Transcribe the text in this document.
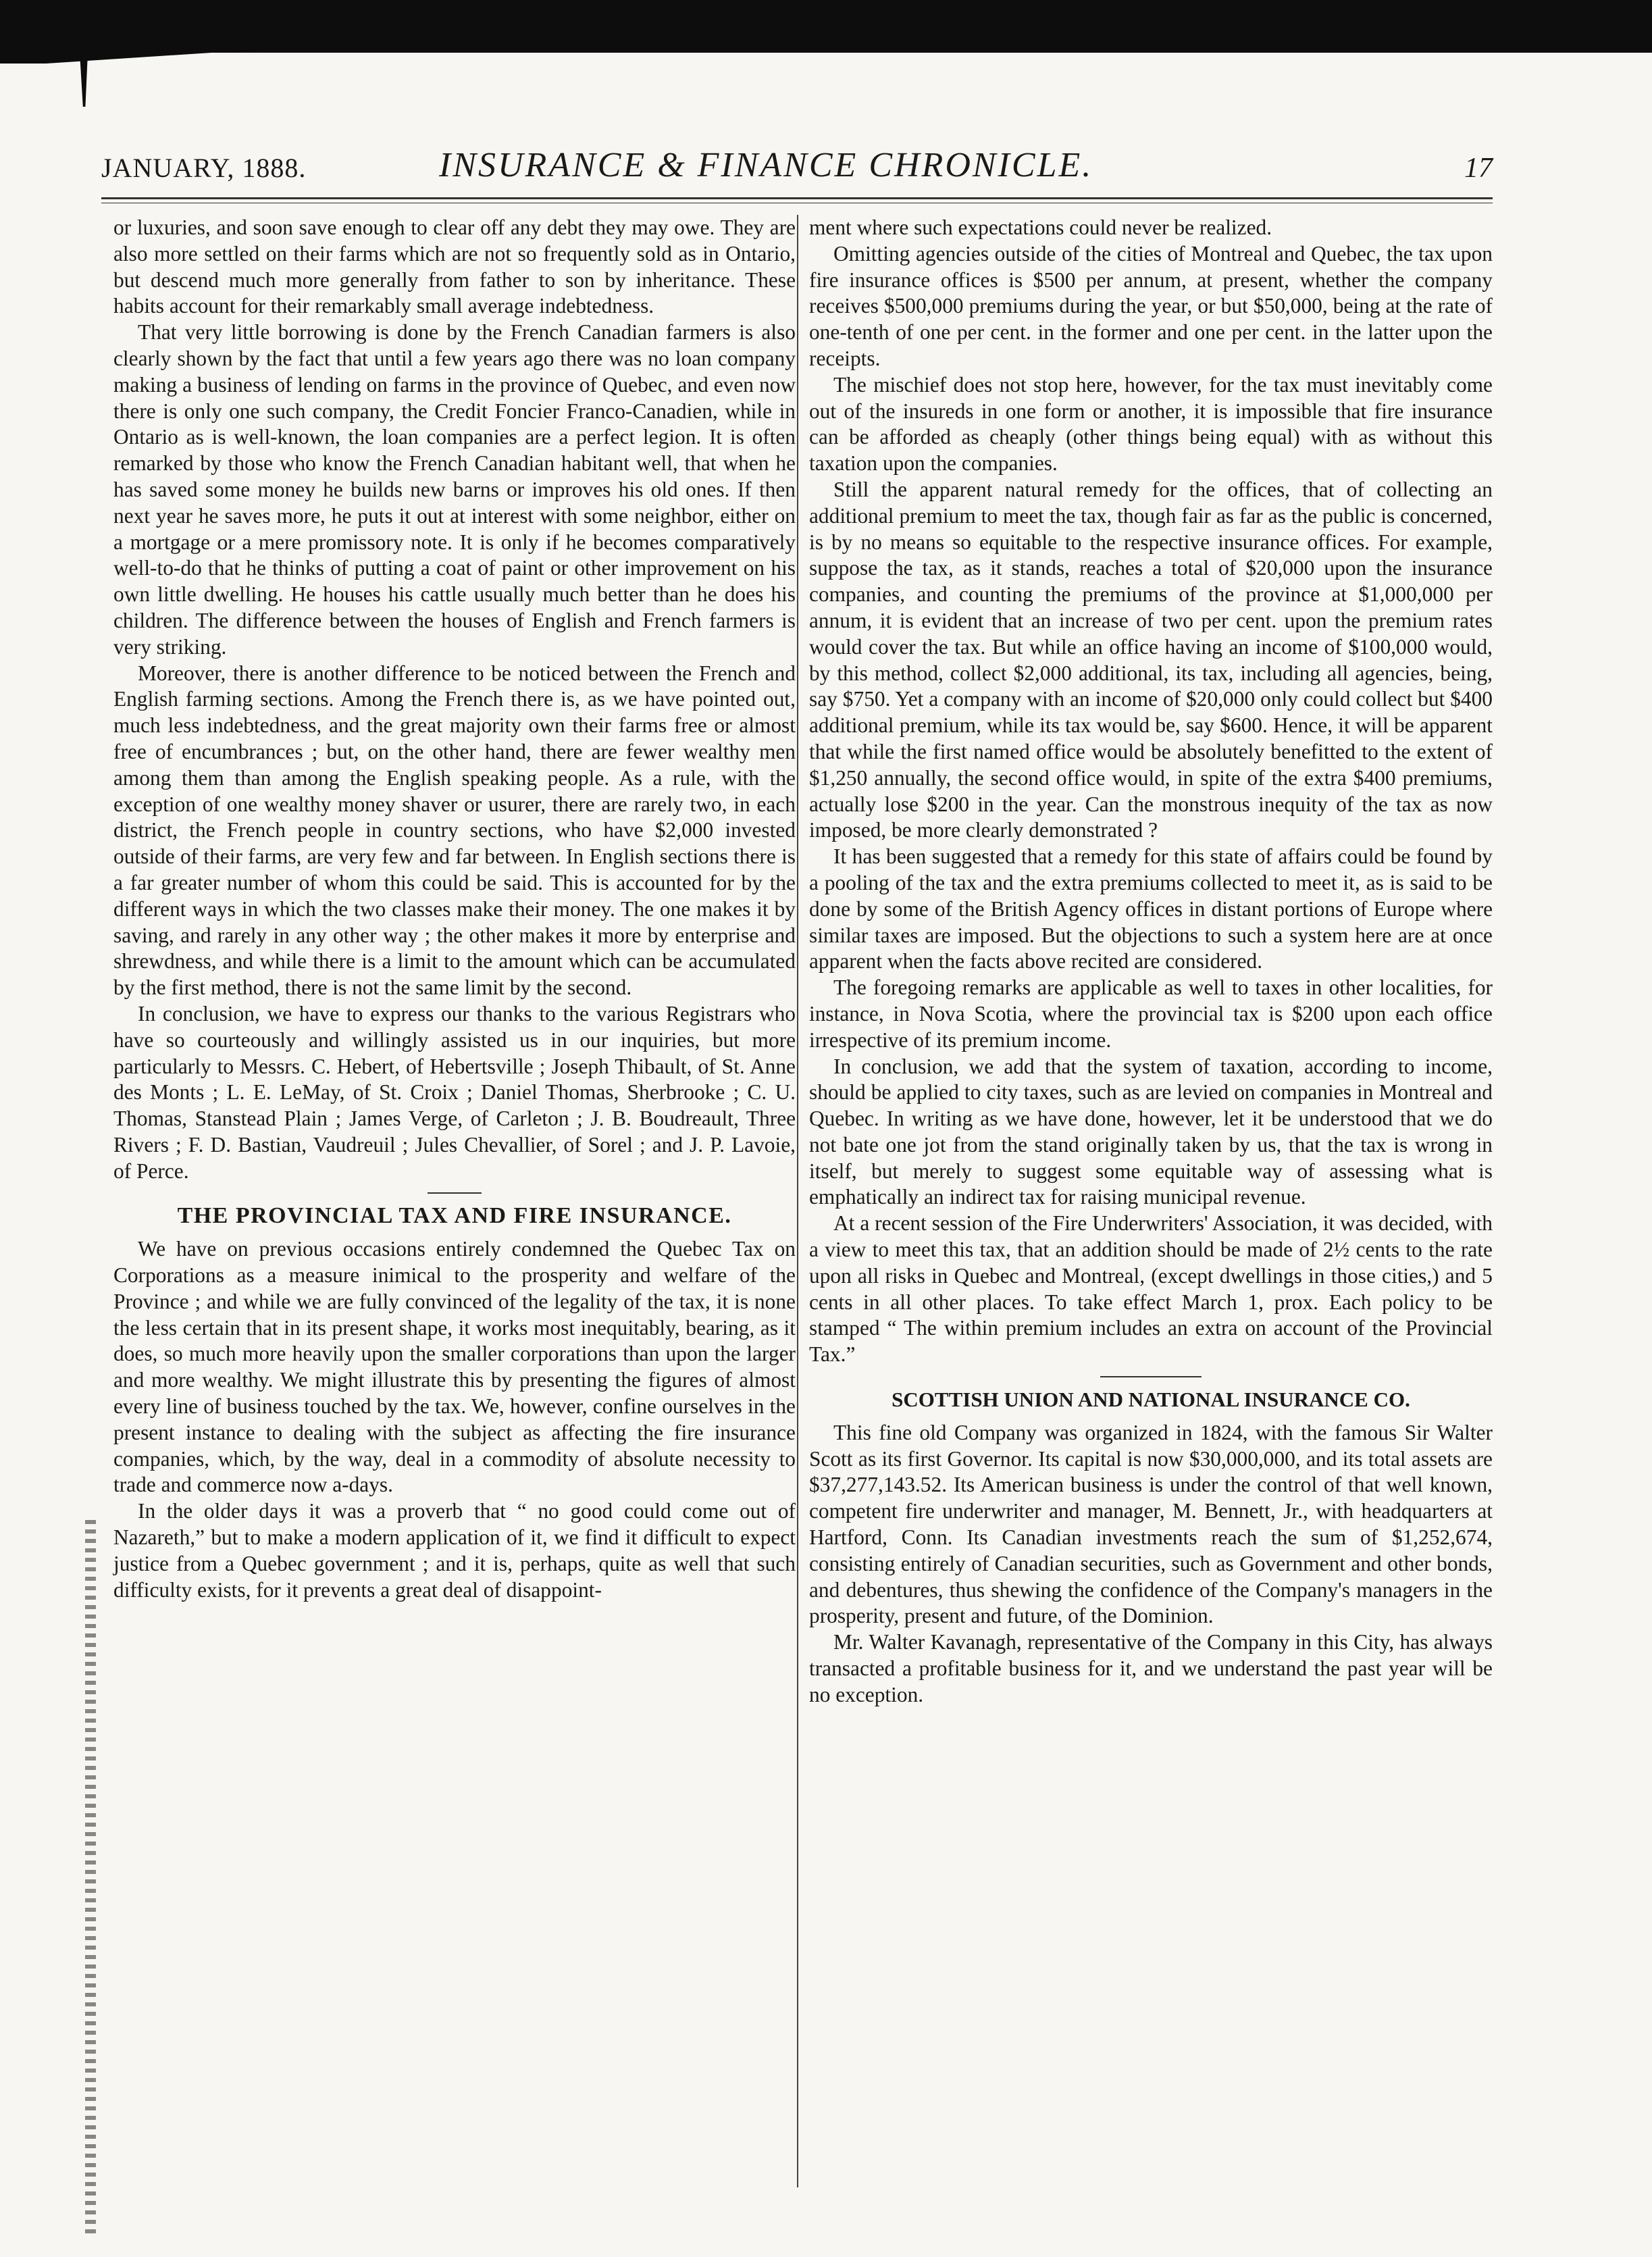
JANUARY, 1888.	INSURANCE & FINANCE CHRONICLE.	17

or luxuries, and soon save enough to clear off any debt they may owe. They are also more settled on their farms which are not so frequently sold as in Ontario, but descend much more generally from father to son by inheritance. These habits account for their remarkably small average indebtedness.

That very little borrowing is done by the French Canadian farmers is also clearly shown by the fact that until a few years ago there was no loan company making a business of lending on farms in the province of Quebec, and even now there is only one such company, the Credit Foncier Franco-Canadien, while in Ontario as is well-known, the loan companies are a perfect legion. It is often remarked by those who know the French Canadian habitant well, that when he has saved some money he builds new barns or improves his old ones. If then next year he saves more, he puts it out at interest with some neighbor, either on a mortgage or a mere promissory note. It is only if he becomes comparatively well-to-do that he thinks of putting a coat of paint or other improvement on his own little dwelling. He houses his cattle usually much better than he does his children. The difference between the houses of English and French farmers is very striking.

Moreover, there is another difference to be noticed between the French and English farming sections. Among the French there is, as we have pointed out, much less indebtedness, and the great majority own their farms free or almost free of encumbrances ; but, on the other hand, there are fewer wealthy men among them than among the English speaking people. As a rule, with the exception of one wealthy money shaver or usurer, there are rarely two, in each district, the French people in country sections, who have $2,000 invested outside of their farms, are very few and far between. In English sections there is a far greater number of whom this could be said. This is accounted for by the different ways in which the two classes make their money. The one makes it by saving, and rarely in any other way ; the other makes it more by enterprise and shrewdness, and while there is a limit to the amount which can be accumulated by the first method, there is not the same limit by the second.

In conclusion, we have to express our thanks to the various Registrars who have so courteously and willingly assisted us in our inquiries, but more particularly to Messrs. C. Hebert, of Hebertsville ; Joseph Thibault, of St. Anne des Monts ; L. E. LeMay, of St. Croix ; Daniel Thomas, Sherbrooke ; C. U. Thomas, Stanstead Plain ; James Verge, of Carleton ; J. B. Boudreault, Three Rivers ; F. D. Bastian, Vaudreuil ; Jules Chevallier, of Sorel ; and J. P. Lavoie, of Perce.

THE PROVINCIAL TAX AND FIRE INSURANCE.

We have on previous occasions entirely condemned the Quebec Tax on Corporations as a measure inimical to the prosperity and welfare of the Province ; and while we are fully convinced of the legality of the tax, it is none the less certain that in its present shape, it works most inequitably, bearing, as it does, so much more heavily upon the smaller corporations than upon the larger and more wealthy. We might illustrate this by presenting the figures of almost every line of business touched by the tax. We, however, confine ourselves in the present instance to dealing with the subject as affecting the fire insurance companies, which, by the way, deal in a commodity of absolute necessity to trade and commerce now a-days.

In the older days it was a proverb that “ no good could come out of Nazareth,” but to make a modern application of it, we find it difficult to expect justice from a Quebec government ; and it is, perhaps, quite as well that such difficulty exists, for it prevents a great deal of disappoint-

ment where such expectations could never be realized.

Omitting agencies outside of the cities of Montreal and Quebec, the tax upon fire insurance offices is $500 per annum, at present, whether the company receives $500,000 premiums during the year, or but $50,000, being at the rate of one-tenth of one per cent. in the former and one per cent. in the latter upon the receipts.

The mischief does not stop here, however, for the tax must inevitably come out of the insureds in one form or another, it is impossible that fire insurance can be afforded as cheaply (other things being equal) with as without this taxation upon the companies.

Still the apparent natural remedy for the offices, that of collecting an additional premium to meet the tax, though fair as far as the public is concerned, is by no means so equitable to the respective insurance offices. For example, suppose the tax, as it stands, reaches a total of $20,000 upon the insurance companies, and counting the premiums of the province at $1,000,000 per annum, it is evident that an increase of two per cent. upon the premium rates would cover the tax. But while an office having an income of $100,000 would, by this method, collect $2,000 additional, its tax, including all agencies, being, say $750. Yet a company with an income of $20,000 only could collect but $400 additional premium, while its tax would be, say $600. Hence, it will be apparent that while the first named office would be absolutely benefitted to the extent of $1,250 annually, the second office would, in spite of the extra $400 premiums, actually lose $200 in the year. Can the monstrous inequity of the tax as now imposed, be more clearly demonstrated ?

It has been suggested that a remedy for this state of affairs could be found by a pooling of the tax and the extra premiums collected to meet it, as is said to be done by some of the British Agency offices in distant portions of Europe where similar taxes are imposed. But the objections to such a system here are at once apparent when the facts above recited are considered.

The foregoing remarks are applicable as well to taxes in other localities, for instance, in Nova Scotia, where the provincial tax is $200 upon each office irrespective of its premium income.

In conclusion, we add that the system of taxation, according to income, should be applied to city taxes, such as are levied on companies in Montreal and Quebec. In writing as we have done, however, let it be understood that we do not bate one jot from the stand originally taken by us, that the tax is wrong in itself, but merely to suggest some equitable way of assessing what is emphatically an indirect tax for raising municipal revenue.

At a recent session of the Fire Underwriters' Association, it was decided, with a view to meet this tax, that an addition should be made of 2½ cents to the rate upon all risks in Quebec and Montreal, (except dwellings in those cities,) and 5 cents in all other places. To take effect March 1, prox. Each policy to be stamped “ The within premium includes an extra on account of the Provincial Tax.”

SCOTTISH UNION AND NATIONAL INSURANCE CO.

This fine old Company was organized in 1824, with the famous Sir Walter Scott as its first Governor. Its capital is now $30,000,000, and its total assets are $37,277,143.52. Its American business is under the control of that well known, competent fire underwriter and manager, M. Bennett, Jr., with headquarters at Hartford, Conn. Its Canadian investments reach the sum of $1,252,674, consisting entirely of Canadian securities, such as Government and other bonds, and debentures, thus shewing the confidence of the Company's managers in the prosperity, present and future, of the Dominion.

Mr. Walter Kavanagh, representative of the Company in this City, has always transacted a profitable business for it, and we understand the past year will be no exception.
